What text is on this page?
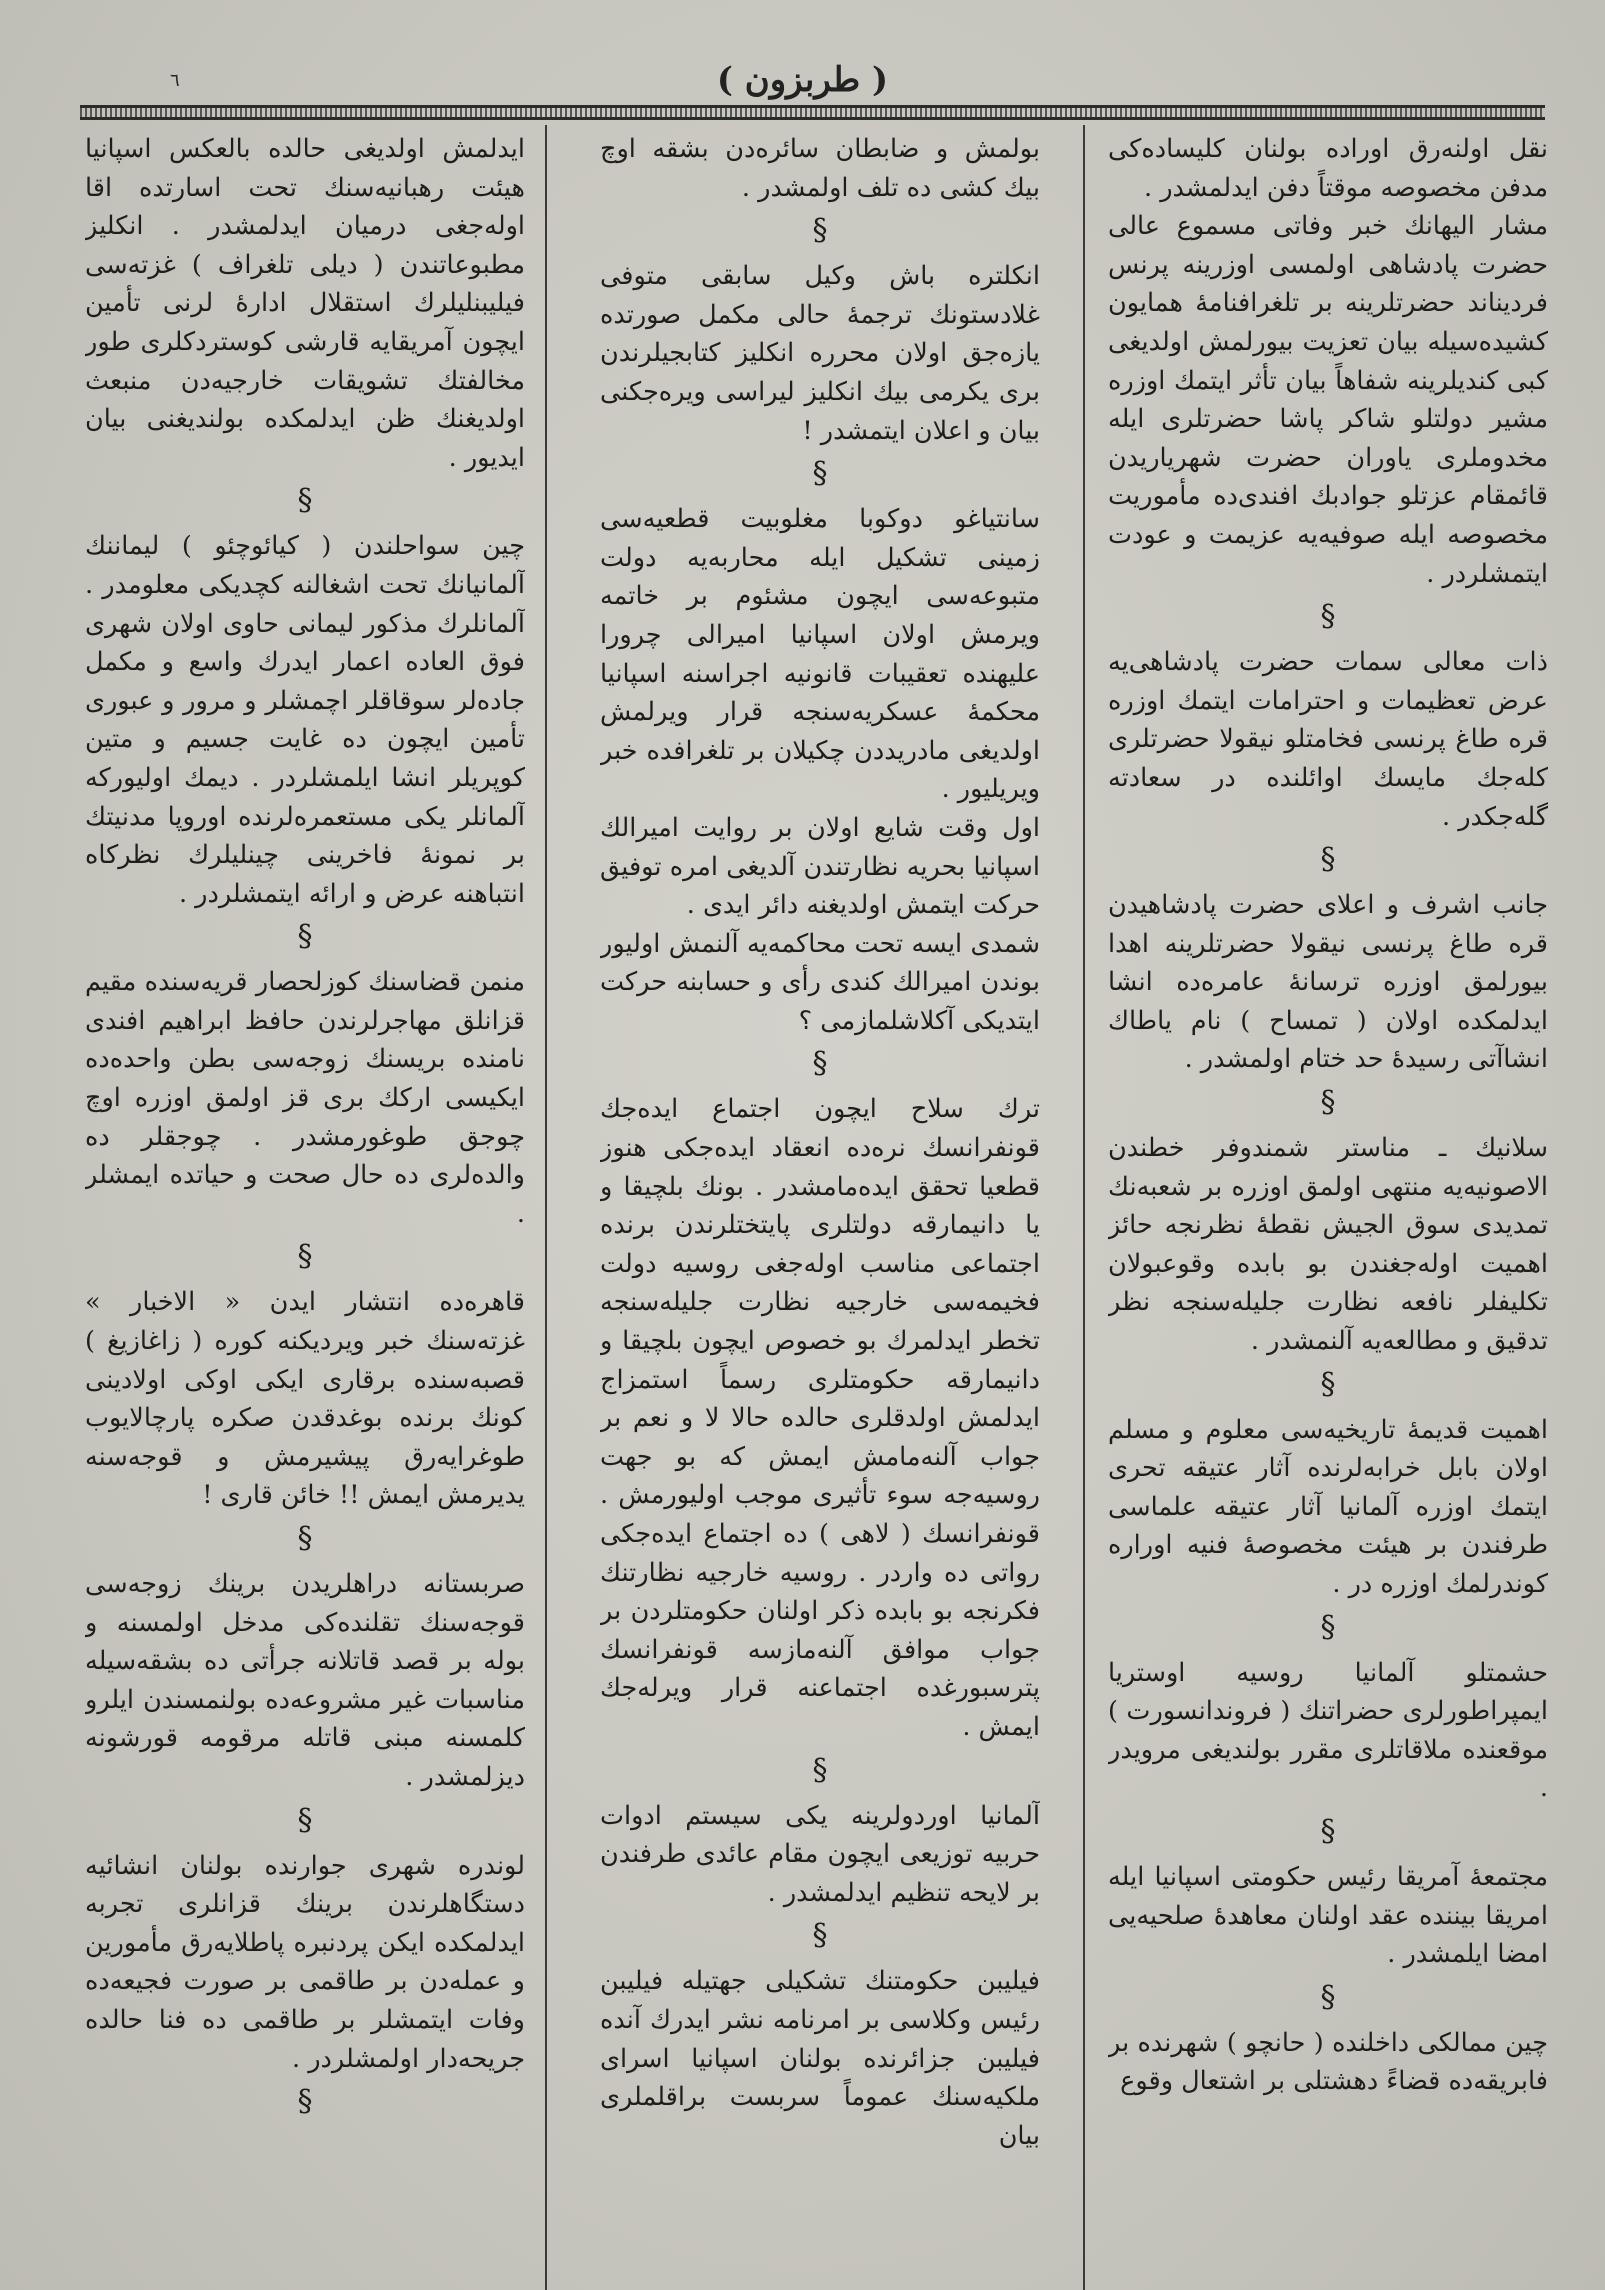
٦	( طربزون )

نقل اولنه‌رق اوراده بولنان کلیساده‌کی مدفن مخصوصه موقتاً دفن ایدلمشدر .

مشار الیهانك خبر وفاتی مسموع عالی‌ حضرت پادشاهی اولمسی اوزرینه پرنس فردیناند حضرتلرینه بر تلغرافنامهٔ همایون کشیده‌سیله بیان تعزیت بیورلمش اولدیغی کبی کندیلرینه شفاهاً بیان تأثر ایتمك اوزره مشیر دولتلو شاکر پاشا حضرتلری ایله مخدوملری یاوران حضرت شهریاریدن قائمقام عزتلو جوادبك افندی‌ده مأموریت مخصوصه ایله صوفیه‌یه عزیمت و عودت ایتمشلردر .

§

ذات معالی سمات حضرت پادشاهی‌یه عرض تعظیمات و احترامات ایتمك اوزره قره طاغ پرنسی فخامتلو نیقولا حضرتلری کله‌جك مایسك اوائلنده‌ در سعادته گله‌جکدر .

§

جانب اشرف و اعلای حضرت پادشاهیدن قره طاغ پرنسی نیقولا حضرتلرینه اهدا بیورلمق اوزره ترسانهٔ عامره‌ده انشا ایدلمکده اولان ( تمساح ) نام یاطاك انشاآتی رسیدهٔ حد ختام اولمشدر .

§

سلانیك ـ مناستر شمندوفر خطندن الاصونیه‌یه منتهی اولمق اوزره بر شعبه‌نك تمدیدی سوق الجیش نقطهٔ نظرنجه حائز اهمیت اوله‌جغندن بو بابده وقوعبولان تکلیفلر نافعه نظارت جلیله‌سنجه نظر تدقیق و مطالعه‌یه آلنمشدر .

§

اهمیت قدیمهٔ تاریخیه‌سی معلوم و مسلم اولان بابل خرابه‌لرنده آثار عتیقه تحری ایتمك اوزره آلمانیا آثار عتیقه علماسی طرفندن بر هیئت مخصوصهٔ فنیه اوراره کوندرلمك اوزره در .

§

حشمتلو آلمانیا روسیه اوستریا ایمپراطورلری حضراتنك ( فروندانسورت ) موقعنده ملاقاتلری مقرر بولندیغی مرویدر .

§

مجتمعهٔ آمریقا رئیس حکومتی اسپانیا ایله امریقا بیننده عقد اولنان معاهدهٔ صلحیه‌یی امضا ایلمشدر .

§

چین ممالکی داخلنده ( حانچو ) شهرنده بر فابریقه‌ده قضاءً دهشتلی بر اشتعال وقوع

بولمش و ضابطان سائره‌دن بشقه اوچ بیك کشی ده تلف اولمشدر .

§

انکلتره باش وکیل سابقی متوفی غلادستونك ترجمهٔ حالی مکمل صورتده یازه‌جق اولان محرره انکلیز کتابجیلرندن بری یکرمی بیك انکلیز لیراسی ویره‌جکنی بیان و اعلان ایتمشدر !

§

سانتیاغو دوکوبا مغلوبیت قطعیه‌سی زمینی تشکیل ایله محاربه‌یه دولت متبوعه‌سی ایچون مشئوم بر خاتمه ویرمش اولان اسپانیا امیرالی چرورا علیهنده تعقیبات قانونیه اجراسنه اسپانیا محکمهٔ عسکریه‌سنجه قرار ویرلمش اولدیغی مادریددن چکیلان بر تلغرافده خبر ویریلیور .

اول وقت شایع اولان بر روایت امیرالك اسپانیا بحریه نظارتندن آلدیغی امره توفیق حرکت ایتمش اولدیغنه دائر ایدی .

شمدی ایسه تحت محاکمه‌یه آلنمش اولیور بوندن امیرالك کندی رأی و حسابنه حرکت ایتدیکی آکلاشلمازمی ؟

§

ترك سلاح ایچون اجتماع ایده‌جك قونفرانسك نره‌ده انعقاد ایده‌جکی هنوز قطعیا تحقق ایده‌مامشدر . بونك بلچیقا و یا دانیمارقه دولتلری پایتختلرندن برنده اجتماعی مناسب اوله‌جغی روسیه دولت فخیمه‌سی خارجیه نظارت جلیله‌سنجه تخطر ایدلمرك بو خصوص ایچون بلچیقا و دانیمارقه حکومتلری رسماً استمزاج ایدلمش اولدقلری حالده حالا لا و نعم بر جواب آلنه‌مامش ایمش که بو جهت روسیه‌جه سوء تأثیری موجب اولیورمش . قونفرانسك ( لاهی ) ده اجتماع ایده‌جکی رواتی ده واردر . روسیه خارجیه نظارتنك فکرنجه بو بابده ذکر اولنان حکومتلردن بر جواب موافق آلنه‌مازسه قونفرانسك پترسبورغده اجتماعنه قرار ویرله‌جك ایمش .

§

آلمانیا اوردولرینه یکی سیستم ادوات حربیه توزیعی ایچون مقام عائدی طرفندن بر لایحه تنظیم ایدلمشدر .

§

فیلیبن حکومتنك تشکیلی جهتیله فیلیبن رئیس وکلاسی بر امرنامه نشر ایدرك آنده فیلیبن جزائرنده بولنان اسپانیا اسرای ملکیه‌سنك عموماً سربست براقلملری بیان

ایدلمش اولدیغی حالده بالعکس اسپانیا هیئت رهبانیه‌سنك تحت اسارتده اقا اوله‌جغی درمیان ایدلمشدر . انکلیز مطبوعاتندن ( دیلی تلغراف ) غزته‌سی فیلیبنلیلرك استقلال ادارهٔ لرنی تأمین ایچون آمریقایه قارشی کوستردکلری طور مخالفتك تشویقات خارجیه‌دن منبعث اولدیغنك ظن ایدلمکده بولندیغنی بیان ایدیور .

§

چین سواحلندن ( کیائوچئو ) لیماننك آلمانیانك تحت اشغالنه کچدیکی معلومدر . آلمانلرك مذکور لیمانی حاوی اولان شهری فوق العاده اعمار ایدرك واسع و مکمل جاده‌لر سوقاقلر اچمشلر و مرور و عبوری تأمین ایچون ده غایت جسیم و متین کوپریلر انشا ایلمشلردر . دیمك اولیورکه آلمانلر یکی مستعمره‌لرنده اوروپا مدنیتك بر نمونهٔ فاخرینی چینلیلرك نظرکاه انتباهنه عرض و ارائه ایتمشلردر .

§

منمن قضاسنك کوزلحصار قریه‌سنده مقیم قزانلق مهاجرلرندن حافظ ابراهیم افندی نامنده‌ بریسنك زوجه‌سی بطن واحده‌ده ایکیسی ارکك بری قز اولمق اوزره اوچ چوجق طوغورمشدر . چوجقلر ده والده‌لری ده حال صحت و حیاتده ایمشلر .

§

قاهره‌ده انتشار ایدن « الاخبار » غزته‌سنك خبر ویردیکنه کوره ( زاغازیغ ) قصبه‌سنده برقاری ایکی اوکی اولادینی کونك برنده بوغدقدن صکره پارچالایوب طوغرایه‌رق پیشیرمش و قوجه‌سنه یدیرمش ایمش !! خائن قاری !

§

صربستانه دراهلریدن برینك زوجه‌سی قوجه‌سنك تقلنده‌کی مدخل اولمسنه و بوله بر قصد قاتلانه جرأتی ده بشقه‌سیله مناسبات غیر مشروعه‌ده بولنمسندن ایلرو کلمسنه مبنی قاتله مرقومه قورشونه دیزلمشدر .

§

لوندره شهری جوارنده بولنان انشائیه دستگاهلرندن برینك قزانلری تجربه ایدلمکده ایکن پردنبره پاطلایه‌رق مأمورین و عمله‌دن بر طاقمی بر صورت فجیعه‌ده وفات ایتمشلر بر طاقمی ده فنا حالده جریحه‌دار اولمشلردر .

§
